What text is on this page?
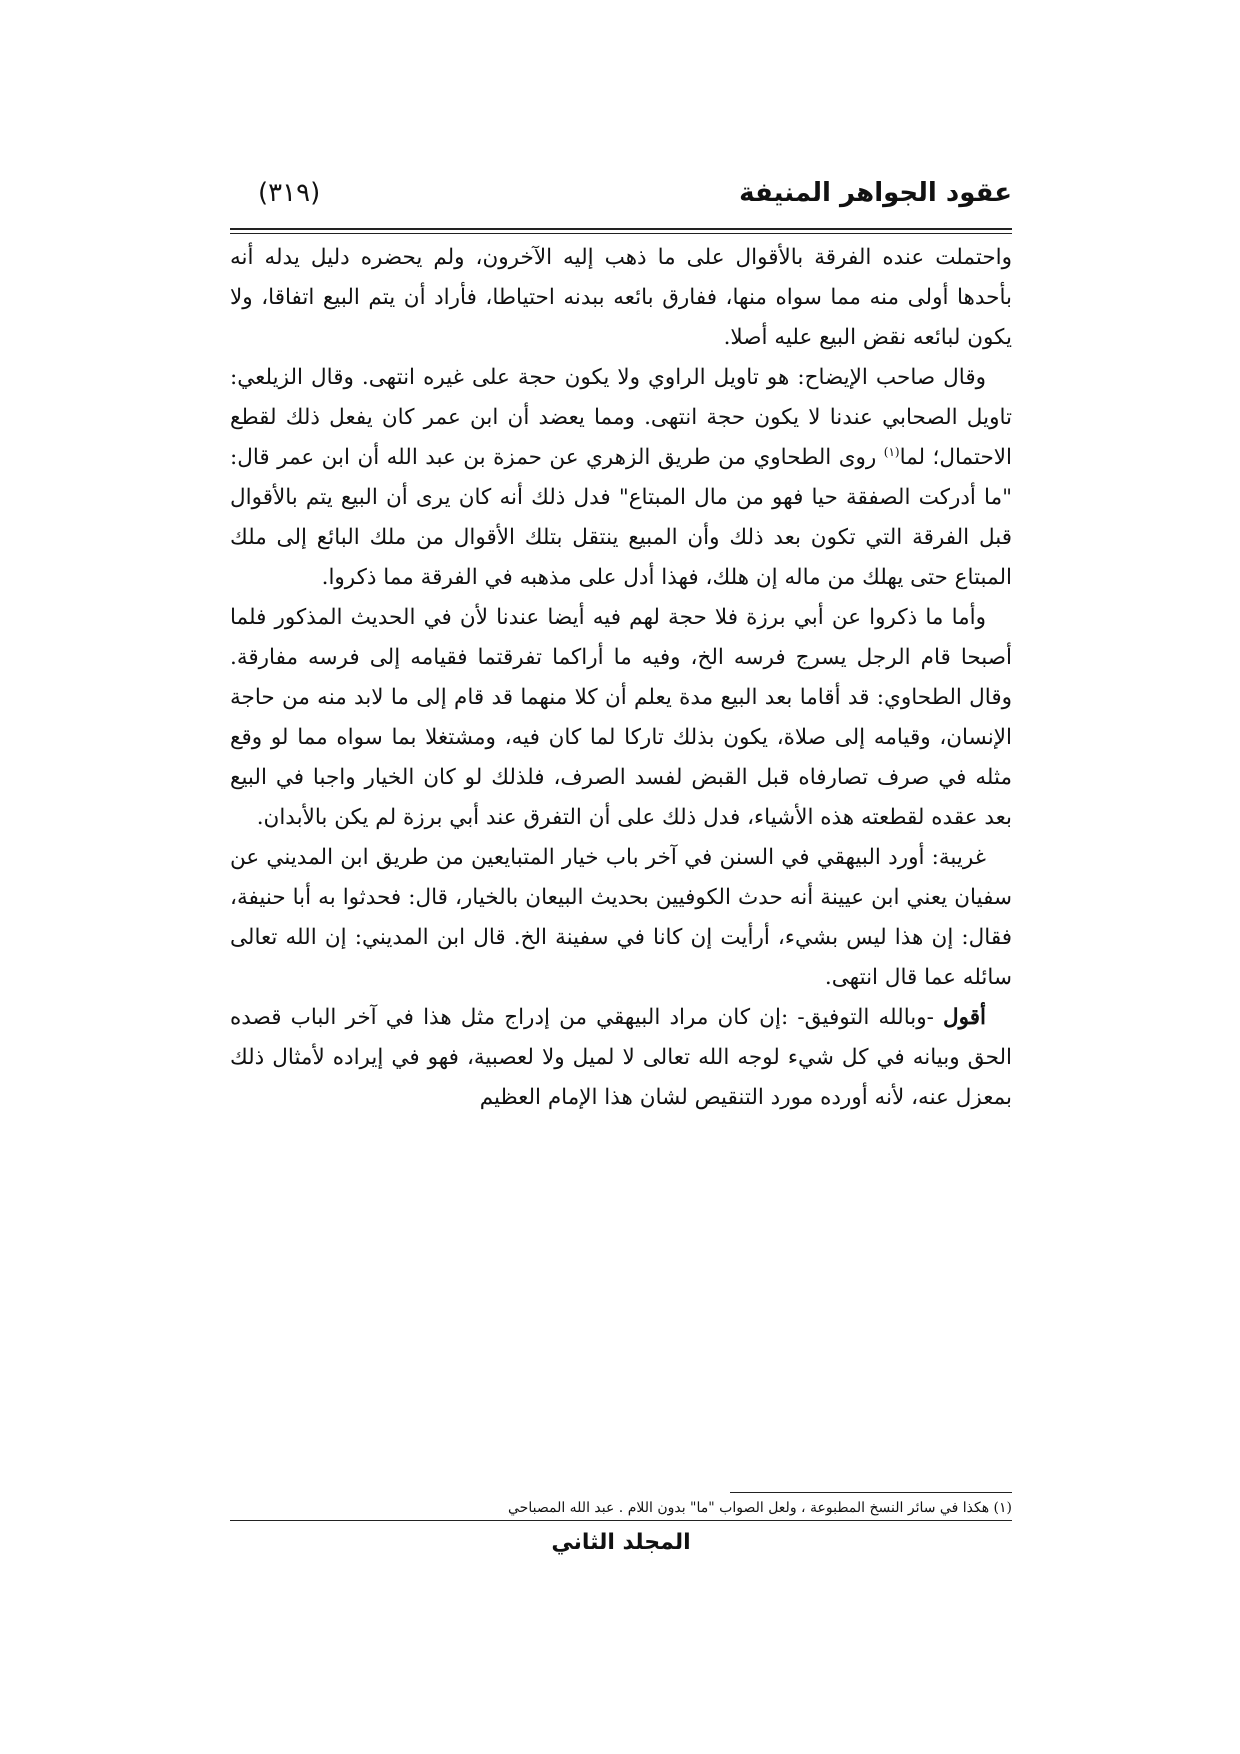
عقود الجواهر المنيفة
(٣١٩)

واحتملت عنده الفرقة بالأقوال على ما ذهب إليه الآخرون، ولم يحضره دليل يدله أنه بأحدها أولى منه مما سواه منها، ففارق بائعه ببدنه احتياطا، فأراد أن يتم البيع اتفاقا، ولا يكون لبائعه نقض البيع عليه أصلا.

وقال صاحب الإيضاح: هو تاويل الراوي ولا يكون حجة على غيره انتهى. وقال الزيلعي: تاويل الصحابي عندنا لا يكون حجة انتهى. ومما يعضد أن ابن عمر كان يفعل ذلك لقطع الاحتمال؛ لما$^{(١)}$ روى الطحاوي من طريق الزهري عن حمزة بن عبد الله أن ابن عمر قال: "ما أدركت الصفقة حيا فهو من مال المبتاع" فدل ذلك أنه كان يرى أن البيع يتم بالأقوال قبل الفرقة التي تكون بعد ذلك وأن المبيع ينتقل بتلك الأقوال من ملك البائع إلى ملك المبتاع حتى يهلك من ماله إن هلك، فهذا أدل على مذهبه في الفرقة مما ذكروا.

وأما ما ذكروا عن أبي برزة فلا حجة لهم فيه أيضا عندنا لأن في الحديث المذكور فلما أصبحا قام الرجل يسرج فرسه الخ، وفيه ما أراكما تفرقتما فقيامه إلى فرسه مفارقة. وقال الطحاوي: قد أقاما بعد البيع مدة يعلم أن كلا منهما قد قام إلى ما لابد منه من حاجة الإنسان، وقيامه إلى صلاة، يكون بذلك تاركا لما كان فيه، ومشتغلا بما سواه مما لو وقع مثله في صرف تصارفاه قبل القبض لفسد الصرف، فلذلك لو كان الخيار واجبا في البيع بعد عقده لقطعته هذه الأشياء، فدل ذلك على أن التفرق عند أبي برزة لم يكن بالأبدان.

غريبة: أورد البيهقي في السنن في آخر باب خيار المتبايعين من طريق ابن المديني عن سفيان يعني ابن عيينة أنه حدث الكوفيين بحديث البيعان بالخيار، قال: فحدثوا به أبا حنيفة، فقال: إن هذا ليس بشيء، أرأيت إن كانا في سفينة الخ. قال ابن المديني: إن الله تعالى سائله عما قال انتهى.

أقول -وبالله التوفيق- :إن كان مراد البيهقي من إدراج مثل هذا في آخر الباب قصده الحق وبيانه في كل شيء لوجه الله تعالى لا لميل ولا لعصبية، فهو في إيراده لأمثال ذلك بمعزل عنه، لأنه أورده مورد التنقيص لشان هذا الإمام العظيم

(١) هكذا في سائر النسخ المطبوعة ، ولعل الصواب "ما" بدون اللام . عبد الله المصباحي
المجلد الثاني
